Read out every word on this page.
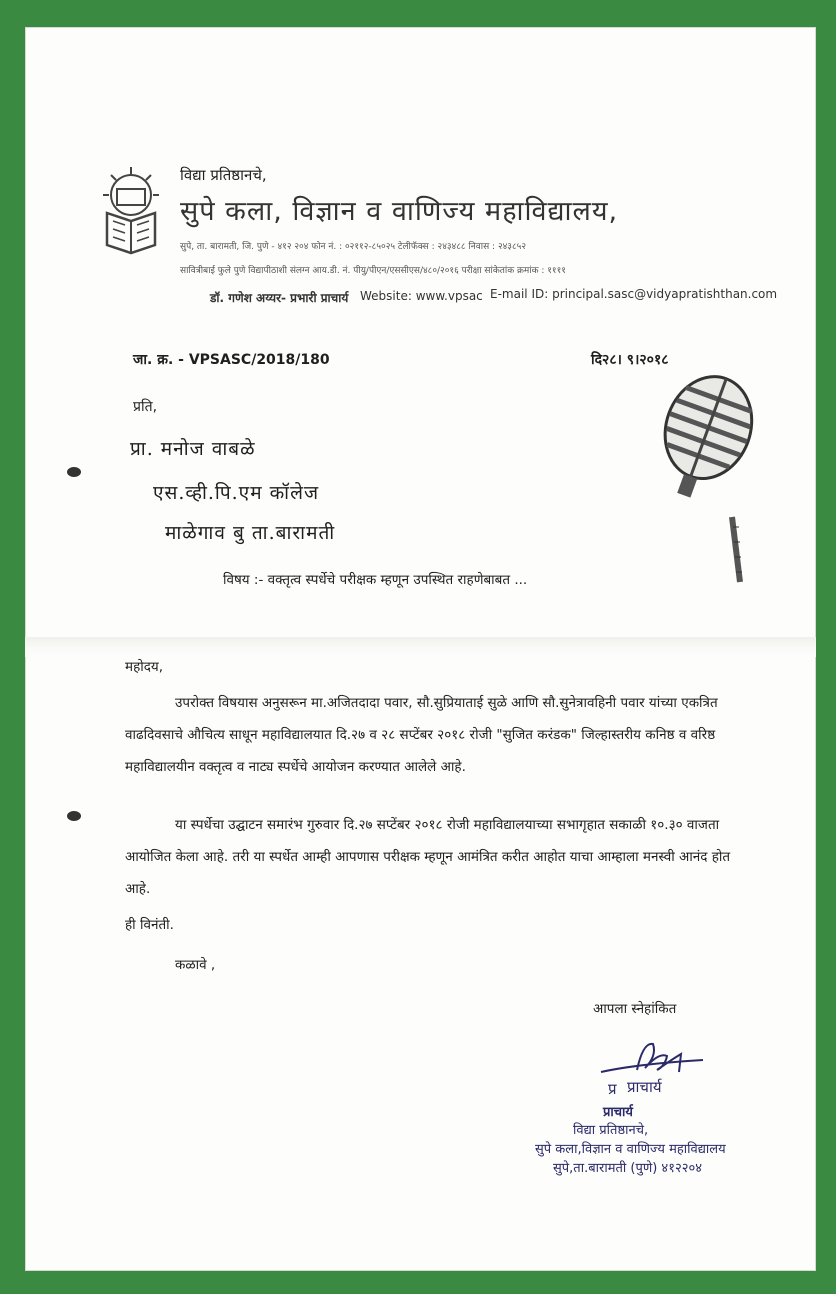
विद्या प्रतिष्ठानचे,
सुपे कला, विज्ञान व वाणिज्य महाविद्यालय,
सुपे, ता. बारामती, जि. पुणे - ४१२ २०४ फोन नं. : ०२११२-८५०२५ टेलीफॅक्स : २४३४८८ निवास : २४३८५२
सावित्रीबाई फुले पुणे विद्यापीठाशी संलग्न आय.डी. नं. पीयु/पीएन/एससीएस/४८०/२०१६ परीक्षा सांकेतांक क्रमांक : ११११
डॉ. गणेश अय्यर- प्रभारी प्राचार्य Website: www.vpsac E-mail ID: principal.sasc@vidyapratishthan.com
जा. क्र. - VPSASC/2018/180	दि२८। ९।२०१८
प्रति,
प्रा. मनोज वाबळे
एस.व्ही.पि.एम कॉलेज
माळेगाव बु ता.बारामती
विषय :- वक्तृत्व स्पर्धेचे परीक्षक म्हणून उपस्थित राहणेबाबत ...
महोदय,
उपरोक्त विषयास अनुसरून मा.अजितदादा पवार, सौ.सुप्रियाताई सुळे आणि सौ.सुनेत्रावहिनी पवार यांच्या एकत्रित वाढदिवसाचे औचित्य साधून महाविद्यालयात दि.२७ व २८ सप्टेंबर २०१८ रोजी "सुजित करंडक" जिल्हास्तरीय कनिष्ठ व वरिष्ठ महाविद्यालयीन वक्तृत्व व नाट्य स्पर्धेचे आयोजन करण्यात आलेले आहे.
या स्पर्धेचा उद्घाटन समारंभ गुरुवार दि.२७ सप्टेंबर २०१८ रोजी महाविद्यालयाच्या सभागृहात सकाळी १०.३० वाजता आयोजित केला आहे. तरी या स्पर्धेत आम्ही आपणास परीक्षक म्हणून आमंत्रित करीत आहोत याचा आम्हाला मनस्वी आनंद होत आहे.
ही विनंती.
कळावे ,
आपला स्नेहांकित
प्र प्राचार्य
प्राचार्य
विद्या प्रतिष्ठानचे,
सुपे कला,विज्ञान व वाणिज्य महाविद्यालय
सुपे,ता.बारामती (पुणे) ४१२२०४
